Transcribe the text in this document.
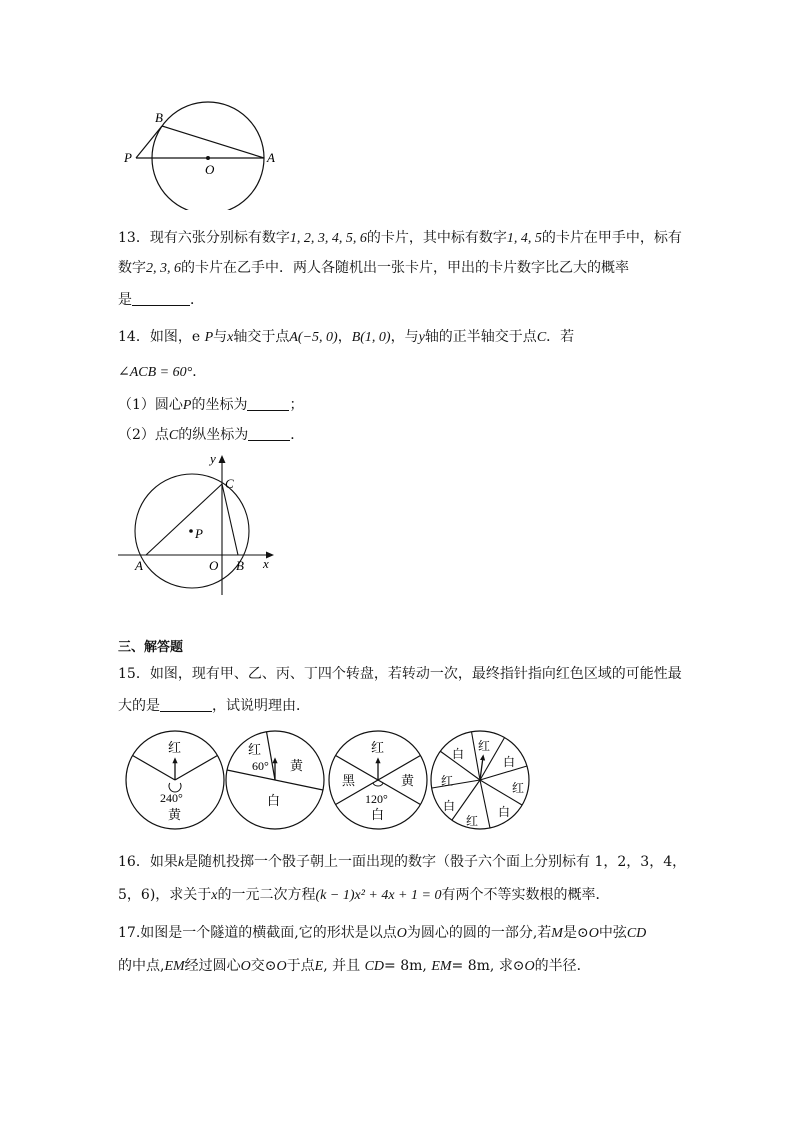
B
P
O
A
13．现有六张分别标有数字1, 2, 3, 4, 5, 6的卡片，其中标有数字1, 4, 5的卡片在甲手中，标有
数字2, 3, 6的卡片在乙手中．两人各随机出一张卡片，甲出的卡片数字比乙大的概率
是	．
14．如图，e P与x轴交于点A(−5, 0)，B(1, 0)，与y轴的正半轴交于点C．若
∠ACB = 60°．
（1）圆心P的坐标为	；
（2）点C的纵坐标为	．
y
x
C
P
A	O B
三、解答题
15．如图，现有甲、乙、丙、丁四个转盘，若转动一次，最终指针指向红色区域的可能性最
大的是	，试说明理由．
红
240°
黄
红
60° 黄
白
红
黑	黄
120°
白
红
白
红
白
红
白
红
白
16．如果k是随机投掷一个骰子朝上一面出现的数字（骰子六个面上分别标有 1，2，3，4，
5，6)，求关于x的一元二次方程(k − 1)x² + 4x + 1 = 0有两个不等实数根的概率．
17.如图是一个隧道的横截面,它的形状是以点O为圆心的圆的一部分,若M是⊙O中弦CD
的中点,EM经过圆心O交⊙O于点E, 并且 CD= 8m, EM= 8m, 求⊙O的半径．
